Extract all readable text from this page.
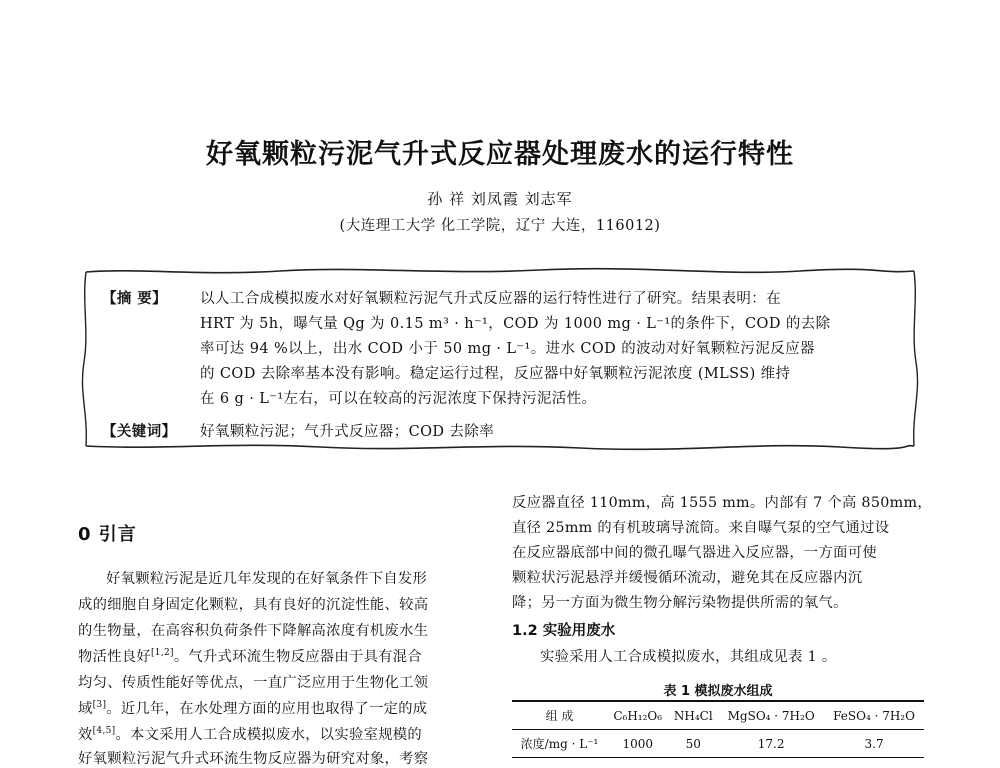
好氧颗粒污泥气升式反应器处理废水的运行特性
孙 祥 刘凤霞 刘志军
(大连理工大学 化工学院，辽宁 大连，116012)
【摘 要】	以人工合成模拟废水对好氧颗粒污泥气升式反应器的运行特性进行了研究。结果表明：在
HRT 为 5h，曝气量 Qg 为 0.15 m³ · h⁻¹，COD 为 1000 mg · L⁻¹的条件下，COD 的去除
率可达 94 %以上，出水 COD 小于 50 mg · L⁻¹。进水 COD 的波动对好氧颗粒污泥反应器
的 COD 去除率基本没有影响。稳定运行过程，反应器中好氧颗粒污泥浓度 (MLSS) 维持
在 6 g · L⁻¹左右，可以在较高的污泥浓度下保持污泥活性。
【关键词】	好氧颗粒污泥；气升式反应器；COD 去除率
0 引言
好氧颗粒污泥是近几年发现的在好氧条件下自发形
成的细胞自身固定化颗粒，具有良好的沉淀性能、较高
的生物量，在高容积负荷条件下降解高浓度有机废水生
物活性良好[1,2]。气升式环流生物反应器由于具有混合
均匀、传质性能好等优点，一直广泛应用于生物化工领
域[3]。近几年，在水处理方面的应用也取得了一定的成
效[4,5]。本文采用人工合成模拟废水，以实验室规模的
好氧颗粒污泥气升式环流生物反应器为研究对象，考察
反应器直径 110mm，高 1555 mm。内部有 7 个高 850mm，
直径 25mm 的有机玻璃导流筒。来自曝气泵的空气通过设
在反应器底部中间的微孔曝气器进入反应器，一方面可使
颗粒状污泥悬浮并缓慢循环流动，避免其在反应器内沉
降；另一方面为微生物分解污染物提供所需的氧气。
1.2 实验用废水
实验采用人工合成模拟废水，其组成见表 1 。
表 1 模拟废水组成
组 成	C₆H₁₂O₆	NH₄Cl	MgSO₄ · 7H₂O	FeSO₄ · 7H₂O
浓度/mg · L⁻¹	1000	50	17.2	3.7
